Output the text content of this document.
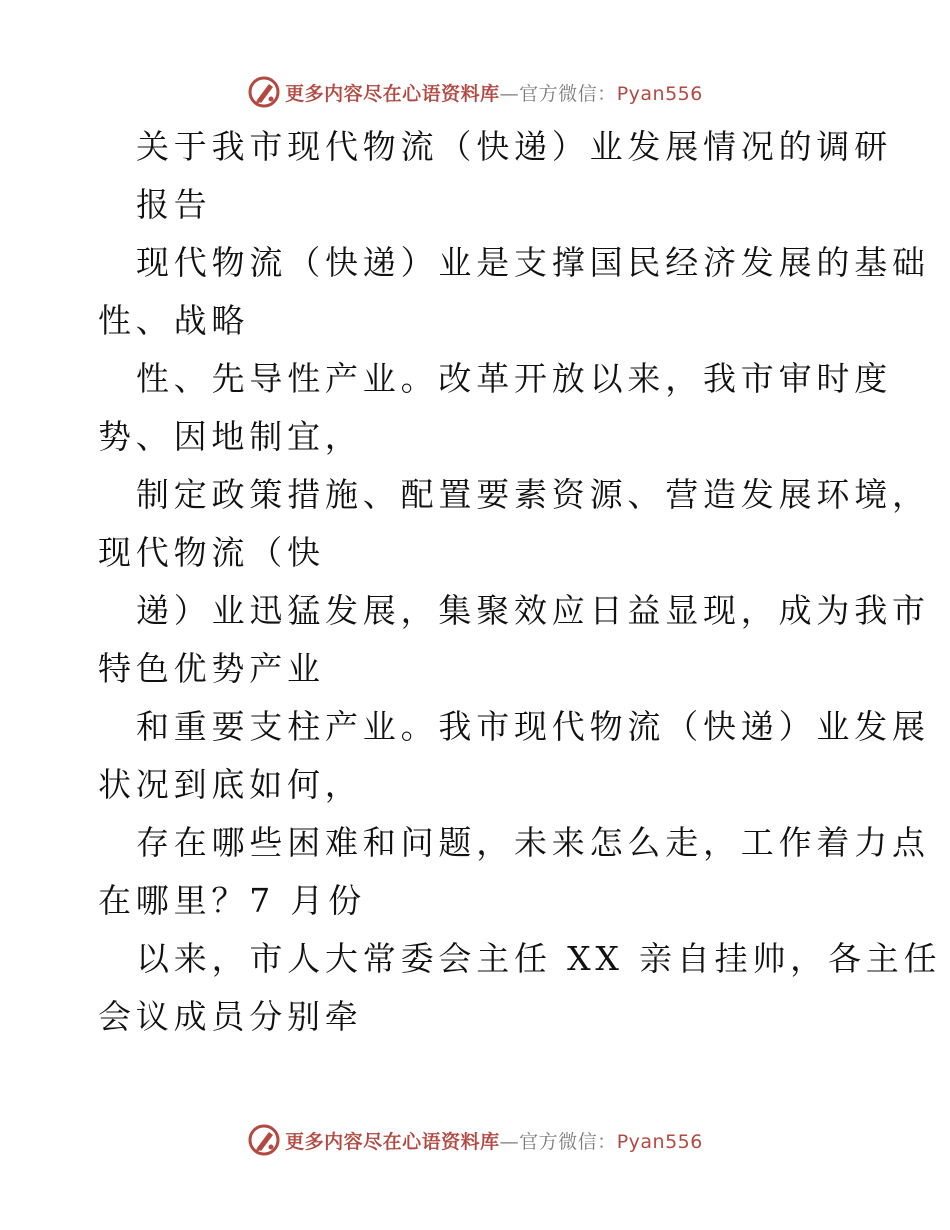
更多内容尽在心语资料库—官方微信：Pyan556
关于我市现代物流（快递）业发展情况的调研
报告
现代物流（快递）业是支撑国民经济发展的基础
性、战略
性、先导性产业。改革开放以来，我市审时度
势、因地制宜，
制定政策措施、配置要素资源、营造发展环境，
现代物流（快
递）业迅猛发展，集聚效应日益显现，成为我市
特色优势产业
和重要支柱产业。我市现代物流（快递）业发展
状况到底如何，
存在哪些困难和问题，未来怎么走，工作着力点
在哪里？7 月份
以来，市人大常委会主任 XX 亲自挂帅，各主任
会议成员分别牵
更多内容尽在心语资料库—官方微信：Pyan556
